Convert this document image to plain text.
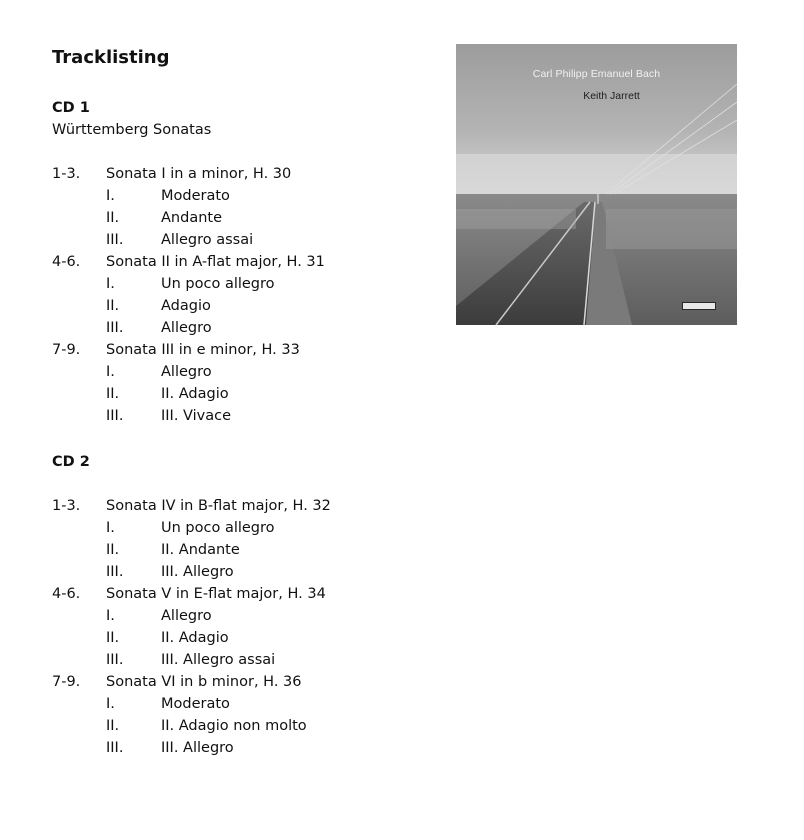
Tracklisting
CD 1
Württemberg Sonatas
1-3. Sonata I in a minor, H. 30
I.	Moderato
II.	Andante
III.	Allegro assai
4-6. Sonata II in A-flat major, H. 31
I.	Un poco allegro
II.	Adagio
III.	Allegro
7-9. Sonata III in e minor, H. 33
I.	Allegro
II.	II. Adagio
III.	III. Vivace
CD 2
1-3. Sonata IV in B-flat major, H. 32
I.	Un poco allegro
II.	II. Andante
III.	III. Allegro
4-6. Sonata V in E-flat major, H. 34
I.	Allegro
II.	II. Adagio
III.	III. Allegro assai
7-9. Sonata VI in b minor, H. 36
I.	Moderato
II.	II. Adagio non molto
III.	III. Allegro
Carl Philipp Emanuel Bach
Keith Jarrett
